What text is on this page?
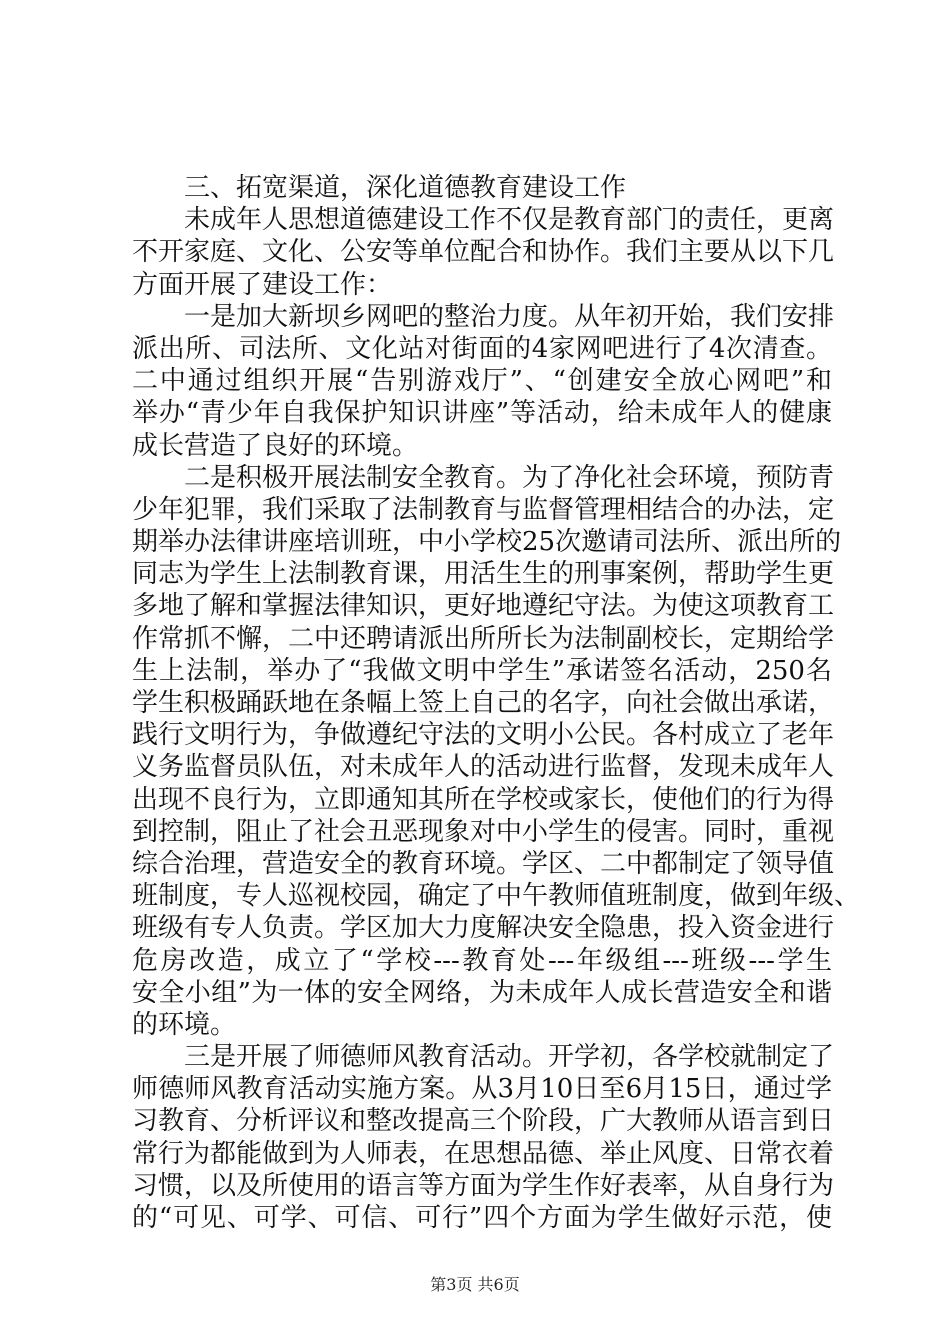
三、拓宽渠道，深化道德教育建设工作
未成年人思想道德建设工作不仅是教育部门的责任，更离
不开家庭、文化、公安等单位配合和协作。我们主要从以下几
方面开展了建设工作：
一是加大新坝乡网吧的整治力度。从年初开始，我们安排
派出所、司法所、文化站对街面的4家网吧进行了4次清查。
二中通过组织开展“告别游戏厅”、“创建安全放心网吧”和
举办“青少年自我保护知识讲座”等活动，给未成年人的健康
成长营造了良好的环境。
二是积极开展法制安全教育。为了净化社会环境，预防青
少年犯罪，我们采取了法制教育与监督管理相结合的办法，定
期举办法律讲座培训班，中小学校25次邀请司法所、派出所的
同志为学生上法制教育课，用活生生的刑事案例，帮助学生更
多地了解和掌握法律知识，更好地遵纪守法。为使这项教育工
作常抓不懈，二中还聘请派出所所长为法制副校长，定期给学
生上法制，举办了“我做文明中学生”承诺签名活动，250名
学生积极踊跃地在条幅上签上自己的名字，向社会做出承诺，
践行文明行为，争做遵纪守法的文明小公民。各村成立了老年
义务监督员队伍，对未成年人的活动进行监督，发现未成年人
出现不良行为，立即通知其所在学校或家长，使他们的行为得
到控制，阻止了社会丑恶现象对中小学生的侵害。同时，重视
综合治理，营造安全的教育环境。学区、二中都制定了领导值
班制度，专人巡视校园，确定了中午教师值班制度，做到年级、
班级有专人负责。学区加大力度解决安全隐患，投入资金进行
危房改造，成立了“学校---教育处---年级组---班级---学生
安全小组”为一体的安全网络，为未成年人成长营造安全和谐
的环境。
三是开展了师德师风教育活动。开学初，各学校就制定了
师德师风教育活动实施方案。从3月10日至6月15日，通过学
习教育、分析评议和整改提高三个阶段，广大教师从语言到日
常行为都能做到为人师表，在思想品德、举止风度、日常衣着
习惯，以及所使用的语言等方面为学生作好表率，从自身行为
的“可见、可学、可信、可行”四个方面为学生做好示范，使
第3页 共6页
